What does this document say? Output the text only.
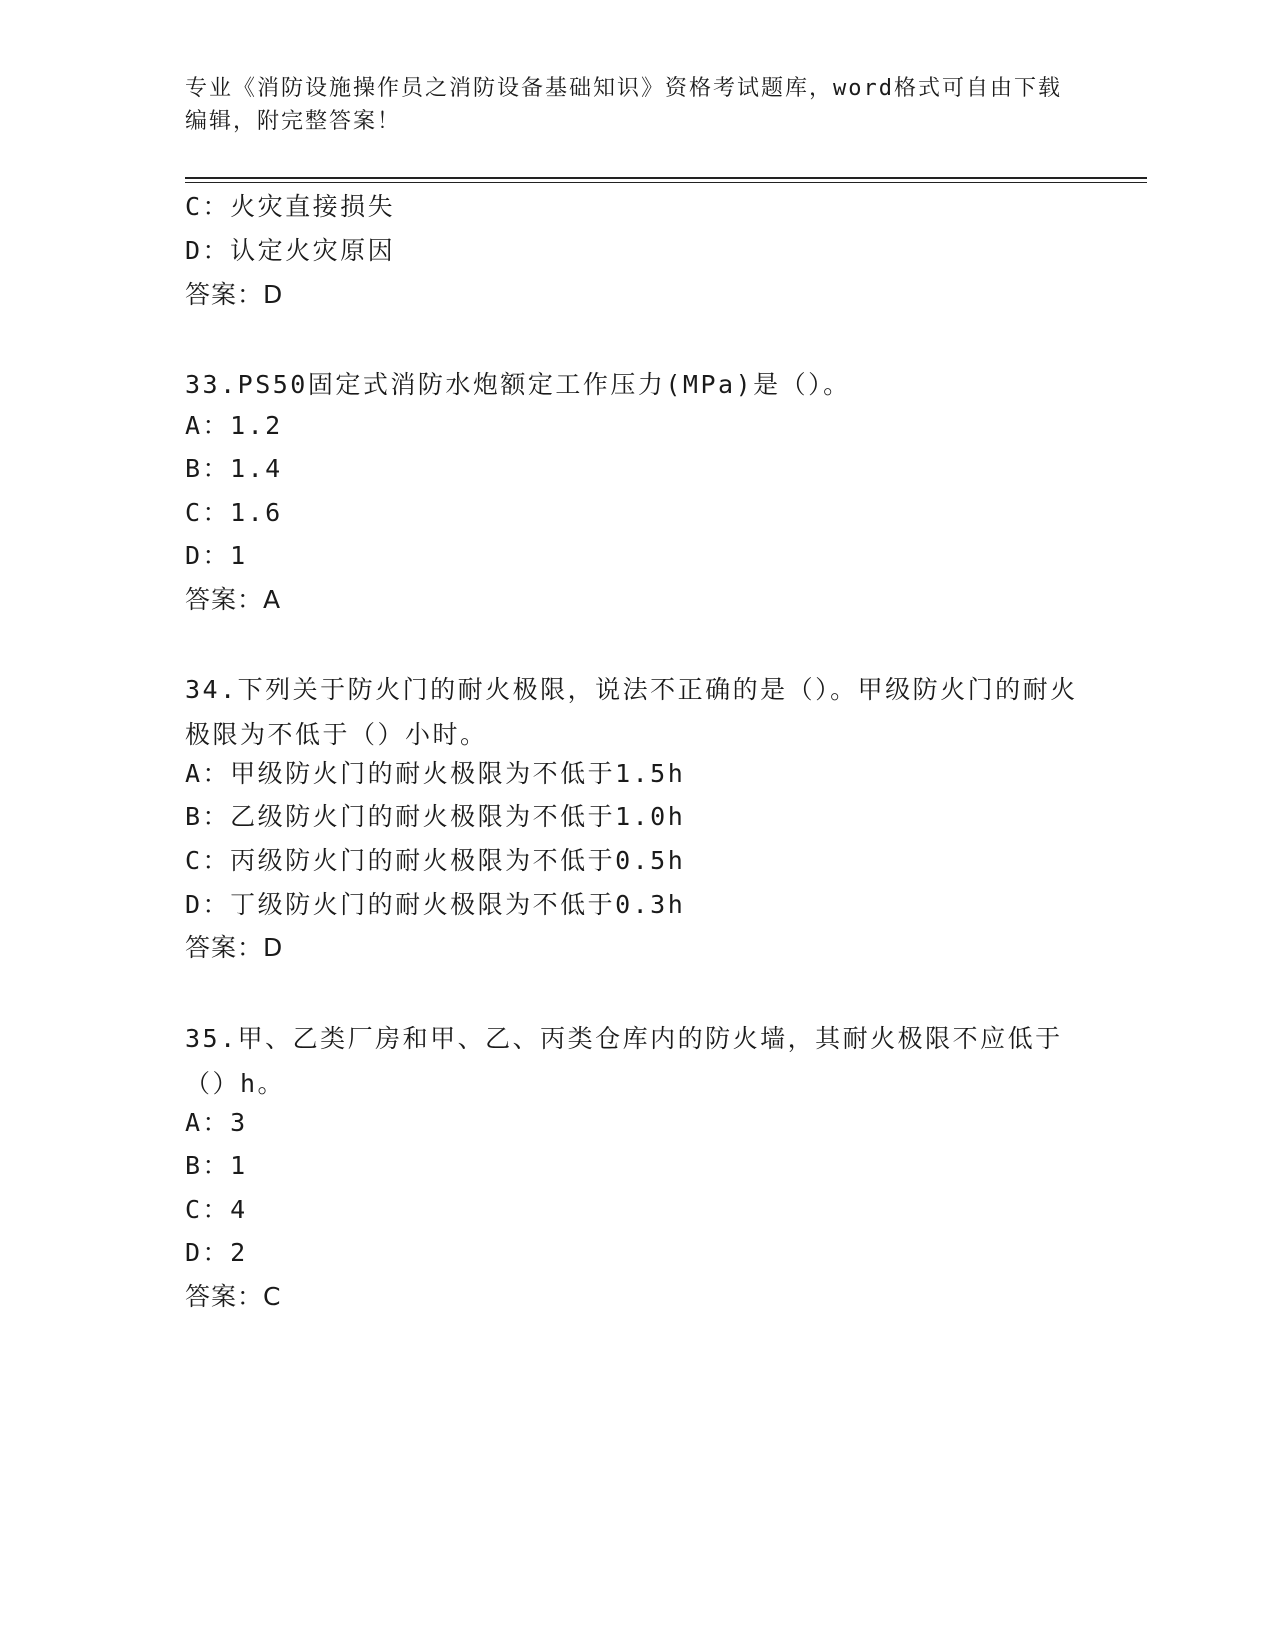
专业《消防设施操作员之消防设备基础知识》资格考试题库，word格式可自由下载编辑，附完整答案！
C：火灾直接损失
D：认定火灾原因
答案：D
33.PS50固定式消防水炮额定工作压力(MPa)是（）。
A：1.2
B：1.4
C：1.6
D：1
答案：A
34.下列关于防火门的耐火极限，说法不正确的是（）。甲级防火门的耐火极限为不低于（）小时。
A：甲级防火门的耐火极限为不低于1.5h
B：乙级防火门的耐火极限为不低于1.0h
C：丙级防火门的耐火极限为不低于0.5h
D：丁级防火门的耐火极限为不低于0.3h
答案：D
35.甲、乙类厂房和甲、乙、丙类仓库内的防火墙，其耐火极限不应低于（）h。
A：3
B：1
C：4
D：2
答案：C
